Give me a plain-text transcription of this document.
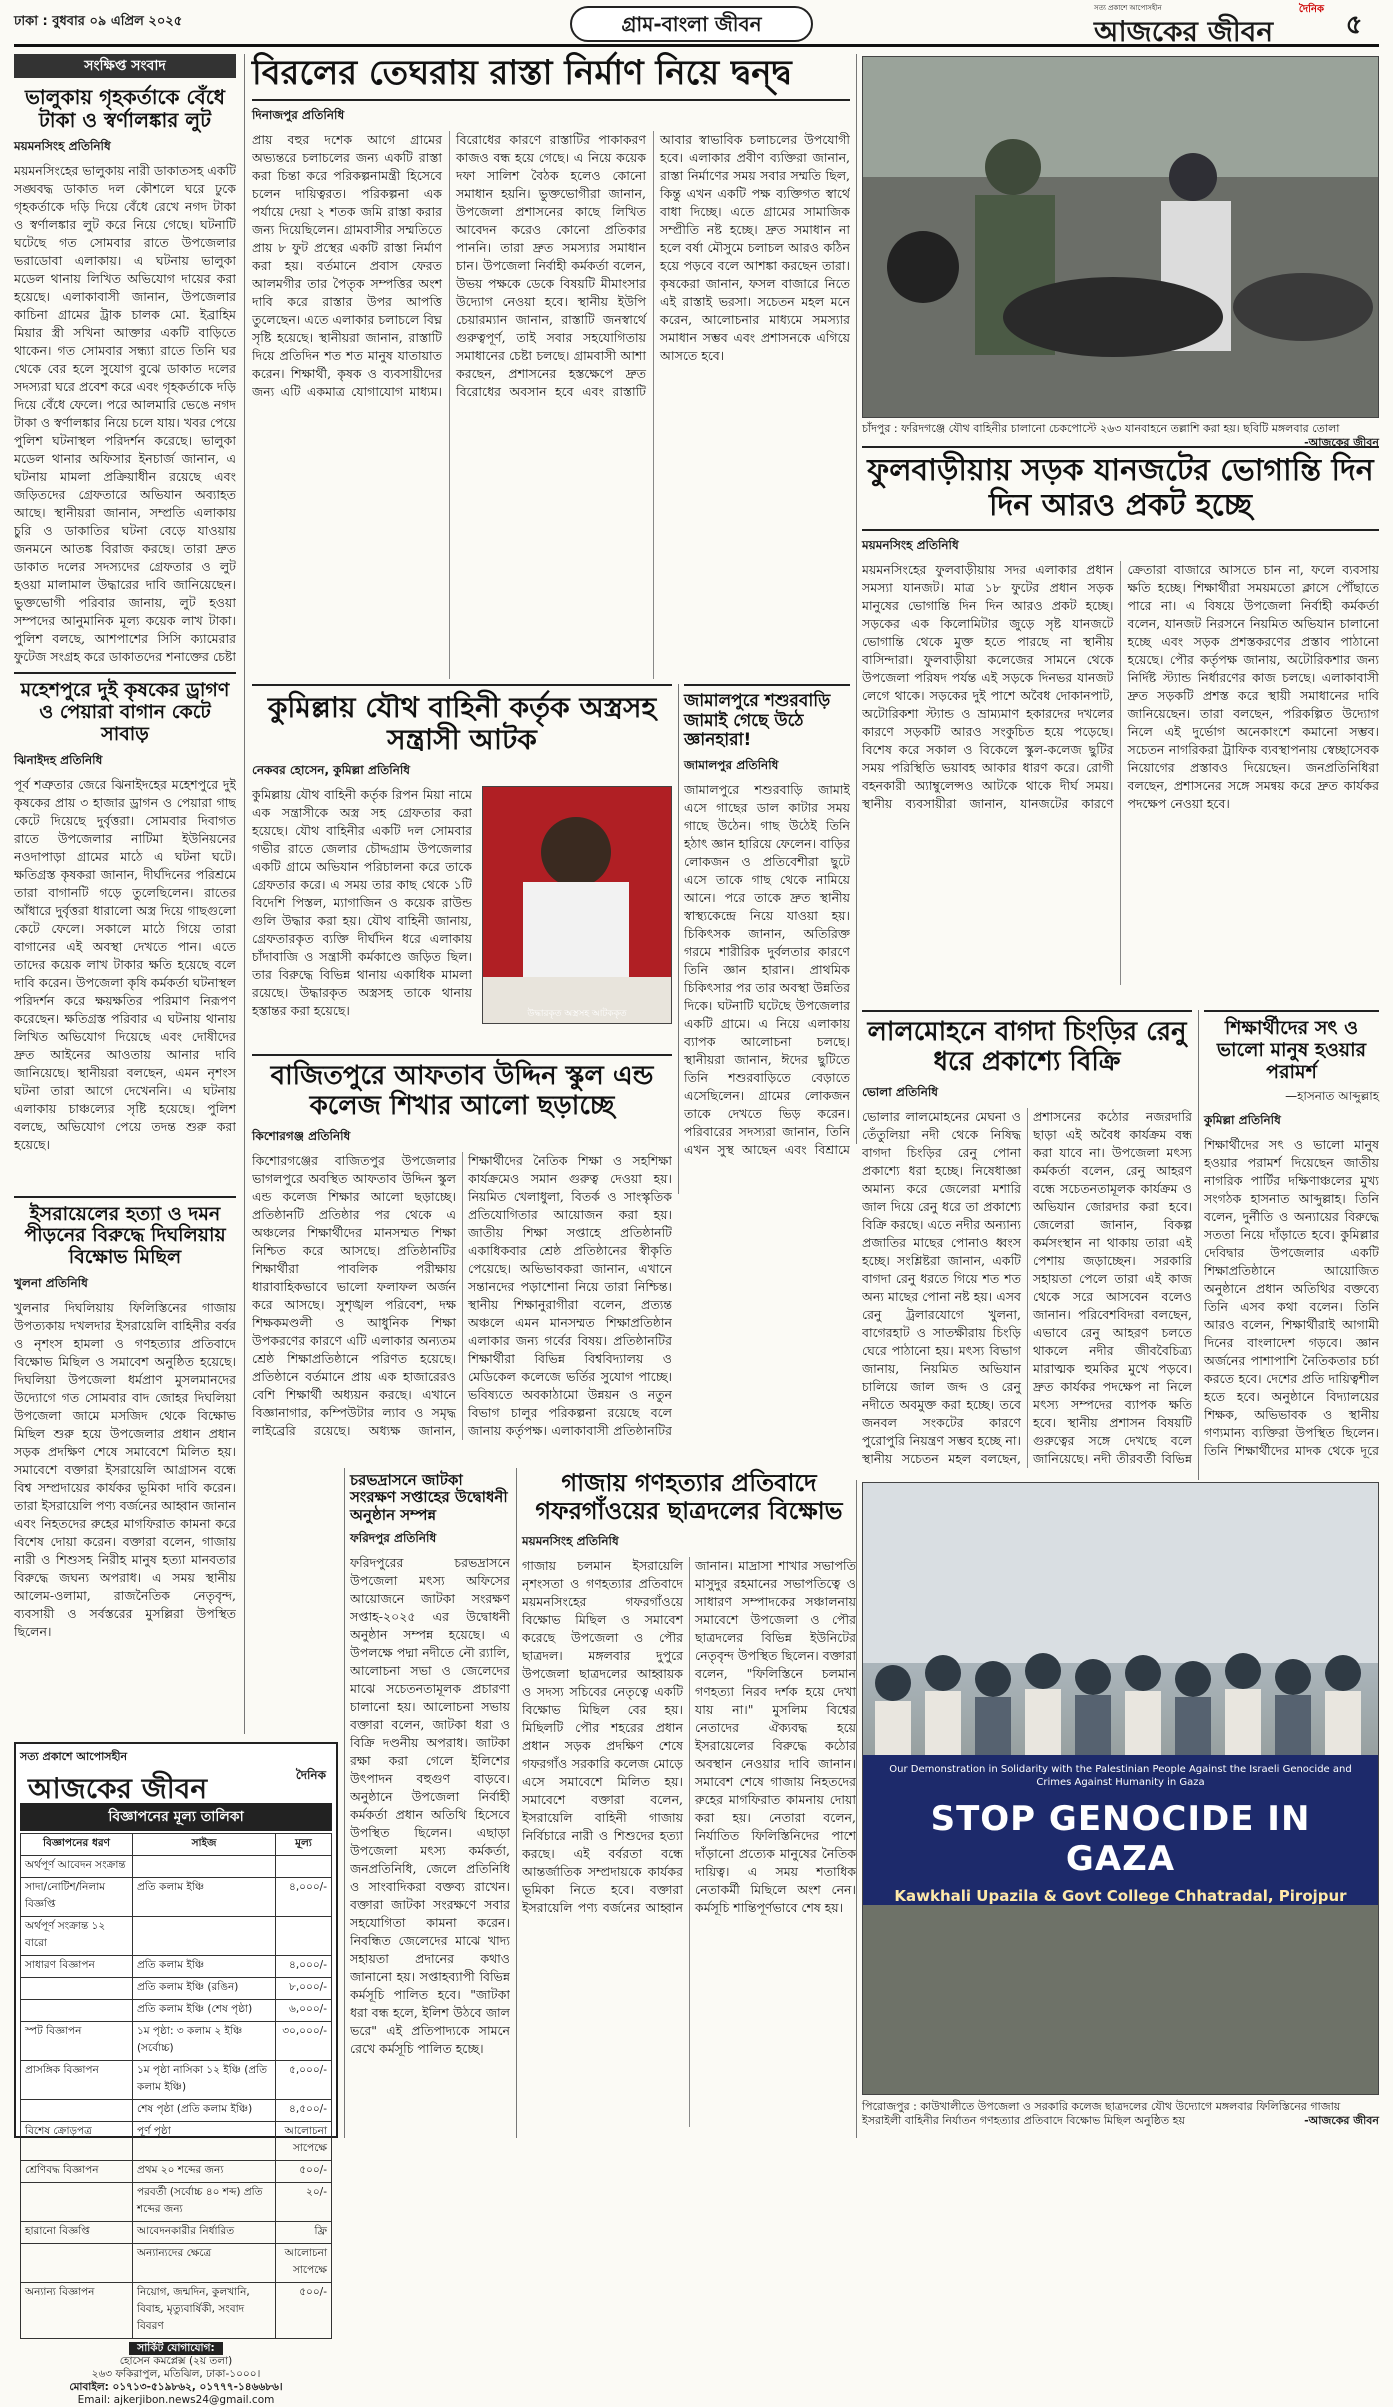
ঢাকা : বুধবার ০৯ এপ্রিল ২০২৫	গ্রাম-বাংলা জীবন
সত্য প্রকাশে আপোসহীন	দৈনিক
আজকের জীবন	৫
সংক্ষিপ্ত সংবাদ
ভালুকায় গৃহকর্তাকে বেঁধে টাকা ও স্বর্ণালঙ্কার লুট
ময়মনসিংহ প্রতিনিধি

ময়মনসিংহের ভালুকায় নারী ডাকাতসহ একটি সঙ্ঘবদ্ধ ডাকাত দল কৌশলে ঘরে ঢুকে গৃহকর্তাকে দড়ি দিয়ে বেঁধে রেখে নগদ টাকা ও স্বর্ণালঙ্কার লুট করে নিয়ে গেছে। ঘটনাটি ঘটেছে গত সোমবার রাতে উপজেলার ভরাডোবা এলাকায়। এ ঘটনায় ভালুকা মডেল থানায় লিখিত অভিযোগ দায়ের করা হয়েছে। এলাকাবাসী জানান, উপজেলার কাচিনা গ্রামের ট্রাক চালক মো. ইব্রাহিম মিয়ার স্ত্রী সখিনা আক্তার একটি বাড়িতে থাকেন। গত সোমবার সন্ধ্যা রাতে তিনি ঘর থেকে বের হলে সুযোগ বুঝে ডাকাত দলের সদস্যরা ঘরে প্রবেশ করে এবং গৃহকর্তাকে দড়ি দিয়ে বেঁধে ফেলে। পরে আলমারি ভেঙে নগদ টাকা ও স্বর্ণালঙ্কার নিয়ে চলে যায়। খবর পেয়ে পুলিশ ঘটনাস্থল পরিদর্শন করেছে। ভালুকা মডেল থানার অফিসার ইনচার্জ জানান, এ ঘটনায় মামলা প্রক্রিয়াধীন রয়েছে এবং জড়িতদের গ্রেফতারে অভিযান অব্যাহত আছে। স্থানীয়রা জানান, সম্প্রতি এলাকায় চুরি ও ডাকাতির ঘটনা বেড়ে যাওয়ায় জনমনে আতঙ্ক বিরাজ করছে। তারা দ্রুত ডাকাত দলের সদস্যদের গ্রেফতার ও লুট হওয়া মালামাল উদ্ধারের দাবি জানিয়েছেন। ভুক্তভোগী পরিবার জানায়, লুট হওয়া সম্পদের আনুমানিক মূল্য কয়েক লাখ টাকা। পুলিশ বলছে, আশপাশের সিসি ক্যামেরার ফুটেজ সংগ্রহ করে ডাকাতদের শনাক্তের চেষ্টা

মহেশপুরে দুই কৃষকের ড্রাগণ ও পেয়ারা বাগান কেটে সাবাড়
ঝিনাইদহ প্রতিনিধি

পূর্ব শত্রুতার জেরে ঝিনাইদহের মহেশপুরে দুই কৃষকের প্রায় ৩ হাজার ড্রাগন ও পেয়ারা গাছ কেটে দিয়েছে দুর্বৃত্তরা। সোমবার দিবাগত রাতে উপজেলার নাটিমা ইউনিয়নের নওদাপাড়া গ্রামের মাঠে এ ঘটনা ঘটে। ক্ষতিগ্রস্ত কৃষকরা জানান, দীর্ঘদিনের পরিশ্রমে তারা বাগানটি গড়ে তুলেছিলেন। রাতের আঁধারে দুর্বৃত্তরা ধারালো অস্ত্র দিয়ে গাছগুলো কেটে ফেলে। সকালে মাঠে গিয়ে তারা বাগানের এই অবস্থা দেখতে পান। এতে তাদের কয়েক লাখ টাকার ক্ষতি হয়েছে বলে দাবি করেন। উপজেলা কৃষি কর্মকর্তা ঘটনাস্থল পরিদর্শন করে ক্ষয়ক্ষতির পরিমাণ নিরূপণ করেছেন। ক্ষতিগ্রস্ত পরিবার এ ঘটনায় থানায় লিখিত অভিযোগ দিয়েছে এবং দোষীদের দ্রুত আইনের আওতায় আনার দাবি জানিয়েছে। স্থানীয়রা বলছেন, এমন নৃশংস ঘটনা তারা আগে দেখেননি। এ ঘটনায় এলাকায় চাঞ্চল্যের সৃষ্টি হয়েছে। পুলিশ বলছে, অভিযোগ পেয়ে তদন্ত শুরু করা হয়েছে।

ইসরায়েলের হত্যা ও দমন পীড়নের বিরুদ্ধে দিঘলিয়ায় বিক্ষোভ মিছিল
খুলনা প্রতিনিধি

খুলনার দিঘলিয়ায় ফিলিস্তিনের গাজায় উপত্যকায় দখলদার ইসরায়েলি বাহিনীর বর্বর ও নৃশংস হামলা ও গণহত্যার প্রতিবাদে বিক্ষোভ মিছিল ও সমাবেশ অনুষ্ঠিত হয়েছে। দিঘলিয়া উপজেলা ধর্মপ্রাণ মুসলমানদের উদ্যোগে গত সোমবার বাদ জোহর দিঘলিয়া উপজেলা জামে মসজিদ থেকে বিক্ষোভ মিছিল শুরু হয়ে উপজেলার প্রধান প্রধান সড়ক প্রদক্ষিণ শেষে সমাবেশে মিলিত হয়। সমাবেশে বক্তারা ইসরায়েলি আগ্রাসন বন্ধে বিশ্ব সম্প্রদায়ের কার্যকর ভূমিকা দাবি করেন। তারা ইসরায়েলি পণ্য বর্জনের আহ্বান জানান এবং নিহতদের রুহের মাগফিরাত কামনা করে বিশেষ দোয়া করেন। বক্তারা বলেন, গাজায় নারী ও শিশুসহ নিরীহ মানুষ হত্যা মানবতার বিরুদ্ধে জঘন্য অপরাধ। এ সময় স্থানীয় আলেম-ওলামা, রাজনৈতিক নেতৃবৃন্দ, ব্যবসায়ী ও সর্বস্তরের মুসল্লিরা উপস্থিত ছিলেন।

বিরলের তেঘরায় রাস্তা নির্মাণ নিয়ে দ্বন্দ্ব
দিনাজপুর প্রতিনিধি

প্রায় বহুর দশেক আগে গ্রামের অভ্যন্তরে চলাচলের জন্য একটি রাস্তা করা চিন্তা করে পরিকল্পনামন্ত্রী হিসেবে চলেন দায়িত্বরত। পরিকল্পনা এক পর্যায়ে দেয়া ২ শতক জমি রাস্তা করার জন্য দিয়েছিলেন। গ্রামবাসীর সম্মতিতে প্রায় ৮ ফুট প্রস্থের একটি রাস্তা নির্মাণ করা হয়। বর্তমানে প্রবাস ফেরত আলমগীর তার পৈতৃক সম্পত্তির অংশ দাবি করে রাস্তার উপর আপত্তি তুলেছেন। এতে এলাকার চলাচলে বিঘ্ন সৃষ্টি হয়েছে। স্থানীয়রা জানান, রাস্তাটি দিয়ে প্রতিদিন শত শত মানুষ যাতায়াত করেন। শিক্ষার্থী, কৃষক ও ব্যবসায়ীদের জন্য এটি একমাত্র যোগাযোগ মাধ্যম। বিরোধের কারণে রাস্তাটির পাকাকরণ কাজও বন্ধ হয়ে গেছে। এ নিয়ে কয়েক দফা সালিশ বৈঠক হলেও কোনো সমাধান হয়নি। ভুক্তভোগীরা জানান, উপজেলা প্রশাসনের কাছে লিখিত আবেদন করেও কোনো প্রতিকার পাননি। তারা দ্রুত সমস্যার সমাধান চান। উপজেলা নির্বাহী কর্মকর্তা বলেন, উভয় পক্ষকে ডেকে বিষয়টি মীমাংসার উদ্যোগ নেওয়া হবে। স্থানীয় ইউপি চেয়ারম্যান জানান, রাস্তাটি জনস্বার্থে গুরুত্বপূর্ণ, তাই সবার সহযোগিতায় সমাধানের চেষ্টা চলছে। গ্রামবাসী আশা করছেন, প্রশাসনের হস্তক্ষেপে দ্রুত বিরোধের অবসান হবে এবং রাস্তাটি আবার স্বাভাবিক চলাচলের উপযোগী হবে। এলাকার প্রবীণ ব্যক্তিরা জানান, রাস্তা নির্মাণের সময় সবার সম্মতি ছিল, কিন্তু এখন একটি পক্ষ ব্যক্তিগত স্বার্থে বাধা দিচ্ছে। এতে গ্রামের সামাজিক সম্প্রীতি নষ্ট হচ্ছে। দ্রুত সমাধান না হলে বর্ষা মৌসুমে চলাচল আরও কঠিন হয়ে পড়বে বলে আশঙ্কা করছেন তারা। কৃষকেরা জানান, ফসল বাজারে নিতে এই রাস্তাই ভরসা। সচেতন মহল মনে করেন, আলোচনার মাধ্যমে সমস্যার সমাধান সম্ভব এবং প্রশাসনকে এগিয়ে আসতে হবে।

চাঁদপুর : ফরিদগঞ্জে যৌথ বাহিনীর চালানো চেকপোস্টে ২৬৩ যানবাহনে তল্লাশি করা হয়। ছবিটি মঙ্গলবার তোলা
-আজকের জীবন
ফুলবাড়ীয়ায় সড়ক যানজটের ভোগান্তি দিন দিন আরও প্রকট হচ্ছে
ময়মনসিংহ প্রতিনিধি

ময়মনসিংহের ফুলবাড়ীয়ায় সদর এলাকার প্রধান সমস্যা যানজট। মাত্র ১৮ ফুটের প্রধান সড়ক মানুষের ভোগান্তি দিন দিন আরও প্রকট হচ্ছে। সড়কের এক কিলোমিটার জুড়ে সৃষ্ট যানজটে ভোগান্তি থেকে মুক্ত হতে পারছে না স্থানীয় বাসিন্দারা। ফুলবাড়ীয়া কলেজের সামনে থেকে উপজেলা পরিষদ পর্যন্ত এই সড়কে দিনভর যানজট লেগে থাকে। সড়কের দুই পাশে অবৈধ দোকানপাট, অটোরিকশা স্ট্যান্ড ও ভ্রাম্যমাণ হকারদের দখলের কারণে সড়কটি আরও সংকুচিত হয়ে পড়েছে। বিশেষ করে সকাল ও বিকেলে স্কুল-কলেজ ছুটির সময় পরিস্থিতি ভয়াবহ আকার ধারণ করে। রোগী বহনকারী অ্যাম্বুলেন্সও আটকে থাকে দীর্ঘ সময়। স্থানীয় ব্যবসায়ীরা জানান, যানজটের কারণে ক্রেতারা বাজারে আসতে চান না, ফলে ব্যবসায় ক্ষতি হচ্ছে। শিক্ষার্থীরা সময়মতো ক্লাসে পৌঁছাতে পারে না। এ বিষয়ে উপজেলা নির্বাহী কর্মকর্তা বলেন, যানজট নিরসনে নিয়মিত অভিযান চালানো হচ্ছে এবং সড়ক প্রশস্তকরণের প্রস্তাব পাঠানো হয়েছে। পৌর কর্তৃপক্ষ জানায়, অটোরিকশার জন্য নির্দিষ্ট স্ট্যান্ড নির্ধারণের কাজ চলছে। এলাকাবাসী দ্রুত সড়কটি প্রশস্ত করে স্থায়ী সমাধানের দাবি জানিয়েছেন। তারা বলছেন, পরিকল্পিত উদ্যোগ নিলে এই দুর্ভোগ অনেকাংশে কমানো সম্ভব। সচেতন নাগরিকরা ট্রাফিক ব্যবস্থাপনায় স্বেচ্ছাসেবক নিয়োগের প্রস্তাবও দিয়েছেন। জনপ্রতিনিধিরা বলছেন, প্রশাসনের সঙ্গে সমন্বয় করে দ্রুত কার্যকর পদক্ষেপ নেওয়া হবে।

কুমিল্লায় যৌথ বাহিনী কর্তৃক অস্ত্রসহ সন্ত্রাসী আটক
নেকবর হোসেন, কুমিল্লা প্রতিনিধি

কুমিল্লায় যৌথ বাহিনী কর্তৃক রিপন মিয়া নামে এক সন্ত্রাসীকে অস্ত্র সহ গ্রেফতার করা হয়েছে। যৌথ বাহিনীর একটি দল সোমবার গভীর রাতে জেলার চৌদ্দগ্রাম উপজেলার একটি গ্রামে অভিযান পরিচালনা করে তাকে গ্রেফতার করে। এ সময় তার কাছ থেকে ১টি বিদেশি পিস্তল, ম্যাগাজিন ও কয়েক রাউন্ড গুলি উদ্ধার করা হয়। যৌথ বাহিনী জানায়, গ্রেফতারকৃত ব্যক্তি দীর্ঘদিন ধরে এলাকায় চাঁদাবাজি ও সন্ত্রাসী কর্মকাণ্ডে জড়িত ছিল। তার বিরুদ্ধে বিভিন্ন থানায় একাধিক মামলা রয়েছে। উদ্ধারকৃত অস্ত্রসহ তাকে থানায় হস্তান্তর করা হয়েছে।	উদ্ধারকৃত অস্ত্রসহ আটককৃত
জামালপুরে শশুরবাড়ি জামাই গেছে উঠে জ্ঞানহারা!
জামালপুর প্রতিনিধি

জামালপুরে শশুরবাড়ি জামাই এসে গাছের ডাল কাটার সময় গাছে উঠেন। গাছ উঠেই তিনি হঠাৎ জ্ঞান হারিয়ে ফেলেন। বাড়ির লোকজন ও প্রতিবেশীরা ছুটে এসে তাকে গাছ থেকে নামিয়ে আনে। পরে তাকে দ্রুত স্থানীয় স্বাস্থ্যকেন্দ্রে নিয়ে যাওয়া হয়। চিকিৎসক জানান, অতিরিক্ত গরমে শারীরিক দুর্বলতার কারণে তিনি জ্ঞান হারান। প্রাথমিক চিকিৎসার পর তার অবস্থা উন্নতির দিকে। ঘটনাটি ঘটেছে উপজেলার একটি গ্রামে। এ নিয়ে এলাকায় ব্যাপক আলোচনা চলছে। স্থানীয়রা জানান, ঈদের ছুটিতে তিনি শশুরবাড়িতে বেড়াতে এসেছিলেন। গ্রামের লোকজন তাকে দেখতে ভিড় করেন। পরিবারের সদস্যরা জানান, তিনি এখন সুস্থ আছেন এবং বিশ্রামে

বাজিতপুরে আফতাব উদ্দিন স্কুল এন্ড কলেজ শিখার আলো ছড়াচ্ছে
কিশোরগঞ্জ প্রতিনিধি

কিশোরগঞ্জের বাজিতপুর উপজেলার ভাগলপুরে অবস্থিত আফতাব উদ্দিন স্কুল এন্ড কলেজ শিক্ষার আলো ছড়াচ্ছে। প্রতিষ্ঠানটি প্রতিষ্ঠার পর থেকে এ অঞ্চলের শিক্ষার্থীদের মানসম্মত শিক্ষা নিশ্চিত করে আসছে। প্রতিষ্ঠানটির শিক্ষার্থীরা পাবলিক পরীক্ষায় ধারাবাহিকভাবে ভালো ফলাফল অর্জন করে আসছে। সুশৃঙ্খল পরিবেশ, দক্ষ শিক্ষকমণ্ডলী ও আধুনিক শিক্ষা উপকরণের কারণে এটি এলাকার অন্যতম শ্রেষ্ঠ শিক্ষাপ্রতিষ্ঠানে পরিণত হয়েছে। প্রতিষ্ঠানে বর্তমানে প্রায় এক হাজারেরও বেশি শিক্ষার্থী অধ্যয়ন করছে। এখানে বিজ্ঞানাগার, কম্পিউটার ল্যাব ও সমৃদ্ধ লাইব্রেরি রয়েছে। অধ্যক্ষ জানান, শিক্ষার্থীদের নৈতিক শিক্ষা ও সহশিক্ষা কার্যক্রমেও সমান গুরুত্ব দেওয়া হয়। নিয়মিত খেলাধুলা, বিতর্ক ও সাংস্কৃতিক প্রতিযোগিতার আয়োজন করা হয়। জাতীয় শিক্ষা সপ্তাহে প্রতিষ্ঠানটি একাধিকবার শ্রেষ্ঠ প্রতিষ্ঠানের স্বীকৃতি পেয়েছে। অভিভাবকরা জানান, এখানে সন্তানদের পড়াশোনা নিয়ে তারা নিশ্চিন্ত। স্থানীয় শিক্ষানুরাগীরা বলেন, প্রত্যন্ত অঞ্চলে এমন মানসম্মত শিক্ষাপ্রতিষ্ঠান এলাকার জন্য গর্বের বিষয়। প্রতিষ্ঠানটির শিক্ষার্থীরা বিভিন্ন বিশ্ববিদ্যালয় ও মেডিকেল কলেজে ভর্তির সুযোগ পাচ্ছে। ভবিষ্যতে অবকাঠামো উন্নয়ন ও নতুন বিভাগ চালুর পরিকল্পনা রয়েছে বলে জানায় কর্তৃপক্ষ। এলাকাবাসী প্রতিষ্ঠানটির

লালমোহনে বাগদা চিংড়ির রেনু ধরে প্রকাশ্যে বিক্রি
ভোলা প্রতিনিধি

ভোলার লালমোহনের মেঘনা ও তেঁতুলিয়া নদী থেকে নিষিদ্ধ বাগদা চিংড়ির রেনু পোনা প্রকাশ্যে ধরা হচ্ছে। নিষেধাজ্ঞা অমান্য করে জেলেরা মশারি জাল দিয়ে রেনু ধরে তা প্রকাশ্যে বিক্রি করছে। এতে নদীর অন্যান্য প্রজাতির মাছের পোনাও ধ্বংস হচ্ছে। সংশ্লিষ্টরা জানান, একটি বাগদা রেনু ধরতে গিয়ে শত শত অন্য মাছের পোনা নষ্ট হয়। এসব রেনু ট্রলারযোগে খুলনা, বাগেরহাট ও সাতক্ষীরায় চিংড়ি ঘেরে পাঠানো হয়। মৎস্য বিভাগ জানায়, নিয়মিত অভিযান চালিয়ে জাল জব্দ ও রেনু নদীতে অবমুক্ত করা হচ্ছে। তবে জনবল সংকটের কারণে পুরোপুরি নিয়ন্ত্রণ সম্ভব হচ্ছে না। স্থানীয় সচেতন মহল বলছেন, প্রশাসনের কঠোর নজরদারি ছাড়া এই অবৈধ কার্যক্রম বন্ধ করা যাবে না। উপজেলা মৎস্য কর্মকর্তা বলেন, রেনু আহরণ বন্ধে সচেতনতামূলক কার্যক্রম ও অভিযান জোরদার করা হবে। জেলেরা জানান, বিকল্প কর্মসংস্থান না থাকায় তারা এই পেশায় জড়াচ্ছেন। সরকারি সহায়তা পেলে তারা এই কাজ থেকে সরে আসবেন বলেও জানান। পরিবেশবিদরা বলছেন, এভাবে রেনু আহরণ চলতে থাকলে নদীর জীববৈচিত্র্য মারাত্মক হুমকির মুখে পড়বে। দ্রুত কার্যকর পদক্ষেপ না নিলে মৎস্য সম্পদের ব্যাপক ক্ষতি হবে। স্থানীয় প্রশাসন বিষয়টি গুরুত্বের সঙ্গে দেখছে বলে জানিয়েছে। নদী তীরবর্তী বিভিন্ন

শিক্ষার্থীদের সৎ ও ভালো মানুষ হওয়ার পরামর্শ
—হাসনাত আব্দুল্লাহ
কুমিল্লা প্রতিনিধি

শিক্ষার্থীদের সৎ ও ভালো মানুষ হওয়ার পরামর্শ দিয়েছেন জাতীয় নাগরিক পার্টির দক্ষিণাঞ্চলের মুখ্য সংগঠক হাসনাত আব্দুল্লাহ। তিনি বলেন, দুর্নীতি ও অন্যায়ের বিরুদ্ধে সততা নিয়ে দাঁড়াতে হবে। কুমিল্লার দেবিদ্বার উপজেলার একটি শিক্ষাপ্রতিষ্ঠানে আয়োজিত অনুষ্ঠানে প্রধান অতিথির বক্তব্যে তিনি এসব কথা বলেন। তিনি আরও বলেন, শিক্ষার্থীরাই আগামী দিনের বাংলাদেশ গড়বে। জ্ঞান অর্জনের পাশাপাশি নৈতিকতার চর্চা করতে হবে। দেশের প্রতি দায়িত্বশীল হতে হবে। অনুষ্ঠানে বিদ্যালয়ের শিক্ষক, অভিভাবক ও স্থানীয় গণ্যমান্য ব্যক্তিরা উপস্থিত ছিলেন। তিনি শিক্ষার্থীদের মাদক থেকে দূরে

সত্য প্রকাশে আপোসহীন
আজকের জীবন	দৈনিক
বিজ্ঞাপনের মূল্য তালিকা
বিজ্ঞাপনের ধরণ	সাইজ	মূল্য
অর্থপূর্ণ আবেদন সংক্রান্ত		
সাদা/নোটিশ/নিলাম বিজ্ঞপ্তি	প্রতি কলাম ইঞ্চি	৪,০০০/-
অর্থপূর্ণ সংক্রান্ত ১২ বারো		
সাধারণ বিজ্ঞাপন	প্রতি কলাম ইঞ্চি	৪,০০০/-
	প্রতি কলাম ইঞ্চি (রঙিন)	৮,০০০/-
	প্রতি কলাম ইঞ্চি (শেষ পৃষ্ঠা)	৬,০০০/-
স্পট বিজ্ঞাপন	১ম পৃষ্ঠা: ৩ কলাম ২ ইঞ্চি (সর্বোচ্চ)	৩০,০০০/-
প্রাসঙ্গিক বিজ্ঞাপন	১ম পৃষ্ঠা নাসিকা ১২ ইঞ্চি (প্রতি কলাম ইঞ্চি)	৫,০০০/-
	শেষ পৃষ্ঠা (প্রতি কলাম ইঞ্চি)	৪,৫০০/-
বিশেষ ক্রোড়পত্র	পূর্ণ পৃষ্ঠা	আলোচনা সাপেক্ষে
শ্রেণিবদ্ধ বিজ্ঞাপন	প্রথম ২০ শব্দের জন্য	৫০০/-
	পরবর্তী (সর্বোচ্চ ৪০ শব্দ) প্রতি শব্দের জন্য	২০/-
হারানো বিজ্ঞপ্তি	আবেদনকারীর নির্ধারিত	ফ্রি
	অন্যান্যদের ক্ষেত্রে	আলোচনা সাপেক্ষে
অন্যান্য বিজ্ঞাপন	নিয়োগ, জন্মদিন, কুলখানি, বিবাহ, মৃত্যুবার্ষিকী, সংবাদ বিবরণ	৫০০/-
সার্কিট যোগাযোগ:
হোসেন কমপ্লেক্স (২য় তলা)
২৬৩ ফকিরাপুল, মতিঝিল, ঢাকা-১০০০।
মোবাইল: ০১৭১৩-৫১৯৮৬২, ০১৭৭৭-১৪৬৬৮৬।
Email: ajkerjibon.news24@gmail.com
চরভদ্রাসনে জাটকা সংরক্ষণ সপ্তাহের উদ্বোধনী অনুষ্ঠান সম্পন্ন
ফরিদপুর প্রতিনিধি

ফরিদপুরের চরভদ্রাসনে উপজেলা মৎস্য অফিসের আয়োজনে জাটকা সংরক্ষণ সপ্তাহ-২০২৫ এর উদ্বোধনী অনুষ্ঠান সম্পন্ন হয়েছে। এ উপলক্ষে পদ্মা নদীতে নৌ র‍্যালি, আলোচনা সভা ও জেলেদের মাঝে সচেতনতামূলক প্রচারণা চালানো হয়। আলোচনা সভায় বক্তারা বলেন, জাটকা ধরা ও বিক্রি দণ্ডনীয় অপরাধ। জাটকা রক্ষা করা গেলে ইলিশের উৎপাদন বহুগুণ বাড়বে। অনুষ্ঠানে উপজেলা নির্বাহী কর্মকর্তা প্রধান অতিথি হিসেবে উপস্থিত ছিলেন। এছাড়া উপজেলা মৎস্য কর্মকর্তা, জনপ্রতিনিধি, জেলে প্রতিনিধি ও সাংবাদিকরা বক্তব্য রাখেন। বক্তারা জাটকা সংরক্ষণে সবার সহযোগিতা কামনা করেন। নিবন্ধিত জেলেদের মাঝে খাদ্য সহায়তা প্রদানের কথাও জানানো হয়। সপ্তাহব্যাপী বিভিন্ন কর্মসূচি পালিত হবে। "জাটকা ধরা বন্ধ হলে, ইলিশ উঠবে জাল ভরে" এই প্রতিপাদ্যকে সামনে রেখে কর্মসূচি পালিত হচ্ছে।

গাজায় গণহত্যার প্রতিবাদে গফরগাঁওয়ের ছাত্রদলের বিক্ষোভ
ময়মনসিংহ প্রতিনিধি

গাজায় চলমান ইসরায়েলি নৃশংসতা ও গণহত্যার প্রতিবাদে ময়মনসিংহের গফরগাঁওয়ে বিক্ষোভ মিছিল ও সমাবেশ করেছে উপজেলা ও পৌর ছাত্রদল। মঙ্গলবার দুপুরে উপজেলা ছাত্রদলের আহ্বায়ক ও সদস্য সচিবের নেতৃত্বে একটি বিক্ষোভ মিছিল বের হয়। মিছিলটি পৌর শহরের প্রধান প্রধান সড়ক প্রদক্ষিণ শেষে গফরগাঁও সরকারি কলেজ মোড়ে এসে সমাবেশে মিলিত হয়। সমাবেশে বক্তারা বলেন, ইসরায়েলি বাহিনী গাজায় নির্বিচারে নারী ও শিশুদের হত্যা করছে। এই বর্বরতা বন্ধে আন্তর্জাতিক সম্প্রদায়কে কার্যকর ভূমিকা নিতে হবে। বক্তারা ইসরায়েলি পণ্য বর্জনের আহ্বান জানান। মাদ্রাসা শাখার সভাপতি মাসুদুর রহমানের সভাপতিত্বে ও সাধারণ সম্পাদকের সঞ্চালনায় সমাবেশে উপজেলা ও পৌর ছাত্রদলের বিভিন্ন ইউনিটের নেতৃবৃন্দ উপস্থিত ছিলেন। বক্তারা বলেন, "ফিলিস্তিনে চলমান গণহত্যা নিরব দর্শক হয়ে দেখা যায় না।" মুসলিম বিশ্বের নেতাদের ঐক্যবদ্ধ হয়ে ইসরায়েলের বিরুদ্ধে কঠোর অবস্থান নেওয়ার দাবি জানান। সমাবেশ শেষে গাজায় নিহতদের রুহের মাগফিরাত কামনায় দোয়া করা হয়। নেতারা বলেন, নির্যাতিত ফিলিস্তিনিদের পাশে দাঁড়ানো প্রত্যেক মানুষের নৈতিক দায়িত্ব। এ সময় শতাধিক নেতাকর্মী মিছিলে অংশ নেন। কর্মসূচি শান্তিপূর্ণভাবে শেষ হয়।

Our Demonstration in Solidarity with the Palestinian People Against the Israeli Genocide and Crimes Against Humanity in Gaza
STOP GENOCIDE IN GAZA
Kawkhali Upazila & Govt College Chhatradal, Pirojpur
পিরোজপুর : কাউখালীতে উপজেলা ও সরকারি কলেজ ছাত্রদলের যৌথ উদ্যোগে মঙ্গলবার ফিলিস্তিনের গাজায় ইসরাইলী বাহিনীর নির্যাতন গণহত্যার প্রতিবাদে বিক্ষোভ মিছিল অনুষ্ঠিত হয়	-আজকের জীবন
